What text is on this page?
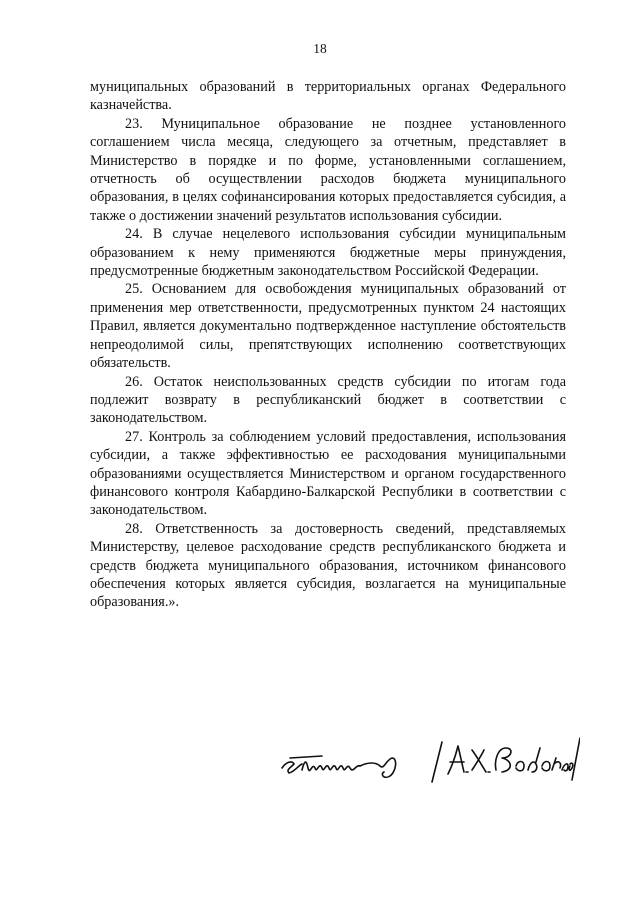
18

муниципальных образований в территориальных органах Федерального казначейства.

23. Муниципальное образование не позднее установленного соглашением числа месяца, следующего за отчетным, представляет в Министерство в порядке и по форме, установленными соглашением, отчетность об осуществлении расходов бюджета муниципального образования, в целях софинансирования которых предоставляется субсидия, а также о достижении значений результатов использования субсидии.

24. В случае нецелевого использования субсидии муниципальным образованием к нему применяются бюджетные меры принуждения, предусмотренные бюджетным законодательством Российской Федерации.

25. Основанием для освобождения муниципальных образований от применения мер ответственности, предусмотренных пунктом 24 настоящих Правил, является документально подтвержденное наступление обстоятельств непреодолимой силы, препятствующих исполнению соответствующих обязательств.

26. Остаток неиспользованных средств субсидии по итогам года подлежит возврату в республиканский бюджет в соответствии с законодательством.

27. Контроль за соблюдением условий предоставления, использования субсидии, а также эффективностью ее расходования муниципальными образованиями осуществляется Министерством и органом государственного финансового контроля Кабардино-Балкарской Республики в соответствии с законодательством.

28. Ответственность за достоверность сведений, представляемых Министерству, целевое расходование средств республиканского бюджета и средств бюджета муниципального образования, источником финансового обеспечения которых является субсидия, возлагается на муниципальные образования.».
